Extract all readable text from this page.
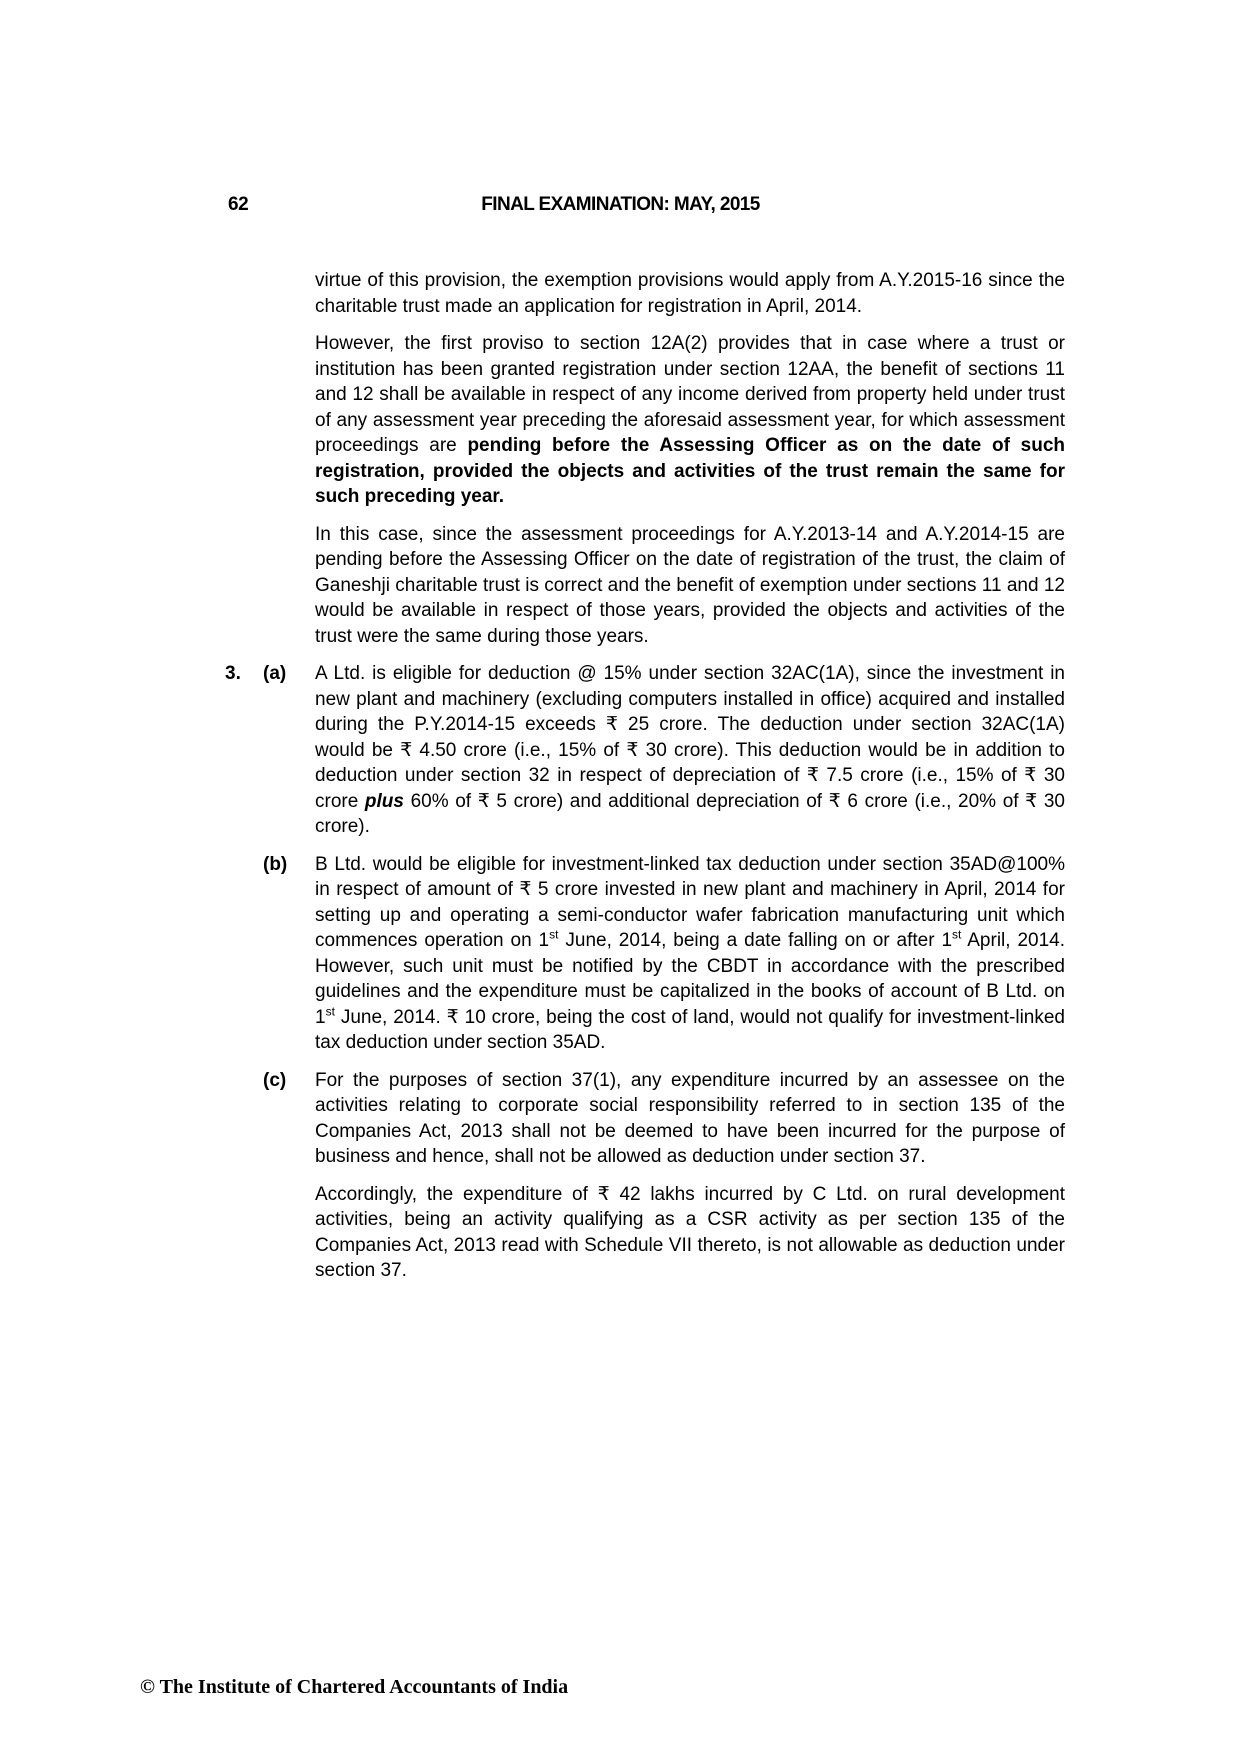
62	FINAL EXAMINATION: MAY, 2015

virtue of this provision, the exemption provisions would apply from A.Y.2015-16 since the charitable trust made an application for registration in April, 2014.

However, the first proviso to section 12A(2) provides that in case where a trust or institution has been granted registration under section 12AA, the benefit of sections 11 and 12 shall be available in respect of any income derived from property held under trust of any assessment year preceding the aforesaid assessment year, for which assessment proceedings are pending before the Assessing Officer as on the date of such registration, provided the objects and activities of the trust remain the same for such preceding year.

In this case, since the assessment proceedings for A.Y.2013-14 and A.Y.2014-15 are pending before the Assessing Officer on the date of registration of the trust, the claim of Ganeshji charitable trust is correct and the benefit of exemption under sections 11 and 12 would be available in respect of those years, provided the objects and activities of the trust were the same during those years.

3.	(a)	A Ltd. is eligible for deduction @ 15% under section 32AC(1A), since the investment in new plant and machinery (excluding computers installed in office) acquired and installed during the P.Y.2014-15 exceeds ₹ 25 crore. The deduction under section 32AC(1A) would be ₹ 4.50 crore (i.e., 15% of ₹ 30 crore). This deduction would be in addition to deduction under section 32 in respect of depreciation of ₹ 7.5 crore (i.e., 15% of ₹ 30 crore plus 60% of ₹ 5 crore) and additional depreciation of ₹ 6 crore (i.e., 20% of ₹ 30 crore).
(b)	B Ltd. would be eligible for investment-linked tax deduction under section 35AD@100% in respect of amount of ₹ 5 crore invested in new plant and machinery in April, 2014 for setting up and operating a semi-conductor wafer fabrication manufacturing unit which commences operation on 1st June, 2014, being a date falling on or after 1st April, 2014. However, such unit must be notified by the CBDT in accordance with the prescribed guidelines and the expenditure must be capitalized in the books of account of B Ltd. on 1st June, 2014. ₹ 10 crore, being the cost of land, would not qualify for investment-linked tax deduction under section 35AD.
(c)	For the purposes of section 37(1), any expenditure incurred by an assessee on the activities relating to corporate social responsibility referred to in section 135 of the Companies Act, 2013 shall not be deemed to have been incurred for the purpose of business and hence, shall not be allowed as deduction under section 37.

Accordingly, the expenditure of ₹ 42 lakhs incurred by C Ltd. on rural development activities, being an activity qualifying as a CSR activity as per section 135 of the Companies Act, 2013 read with Schedule VII thereto, is not allowable as deduction under section 37.

© The Institute of Chartered Accountants of India
